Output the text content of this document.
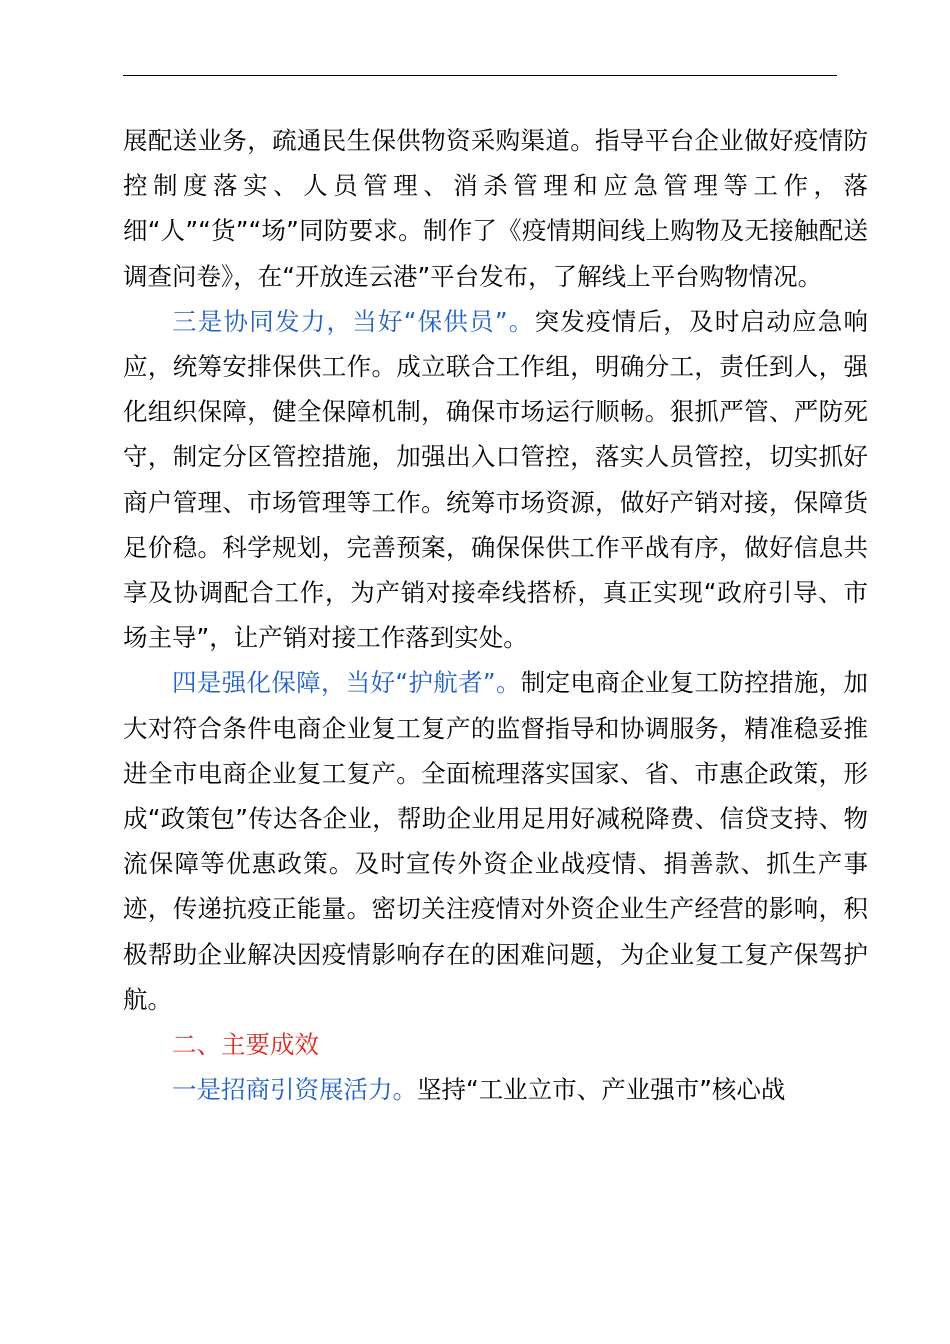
展配送业务，疏通民生保供物资采购渠道。指导平台企业做好疫情防控制度落实、人员管理、消杀管理和应急管理等工作，落细“人”“货”“场”同防要求。制作了《疫情期间线上购物及无接触配送调查问卷》，在“开放连云港”平台发布，了解线上平台购物情况。

三是协同发力，当好“保供员”。突发疫情后，及时启动应急响应，统筹安排保供工作。成立联合工作组，明确分工，责任到人，强化组织保障，健全保障机制，确保市场运行顺畅。狠抓严管、严防死守，制定分区管控措施，加强出入口管控，落实人员管控，切实抓好商户管理、市场管理等工作。统筹市场资源，做好产销对接，保障货足价稳。科学规划，完善预案，确保保供工作平战有序，做好信息共享及协调配合工作，为产销对接牵线搭桥，真正实现“政府引导、市场主导”，让产销对接工作落到实处。

四是强化保障，当好“护航者”。制定电商企业复工防控措施，加大对符合条件电商企业复工复产的监督指导和协调服务，精准稳妥推进全市电商企业复工复产。全面梳理落实国家、省、市惠企政策，形成“政策包”传达各企业，帮助企业用足用好减税降费、信贷支持、物流保障等优惠政策。及时宣传外资企业战疫情、捐善款、抓生产事迹，传递抗疫正能量。密切关注疫情对外资企业生产经营的影响，积极帮助企业解决因疫情影响存在的困难问题，为企业复工复产保驾护航。

二、主要成效

一是招商引资展活力。坚持“工业立市、产业强市”核心战
